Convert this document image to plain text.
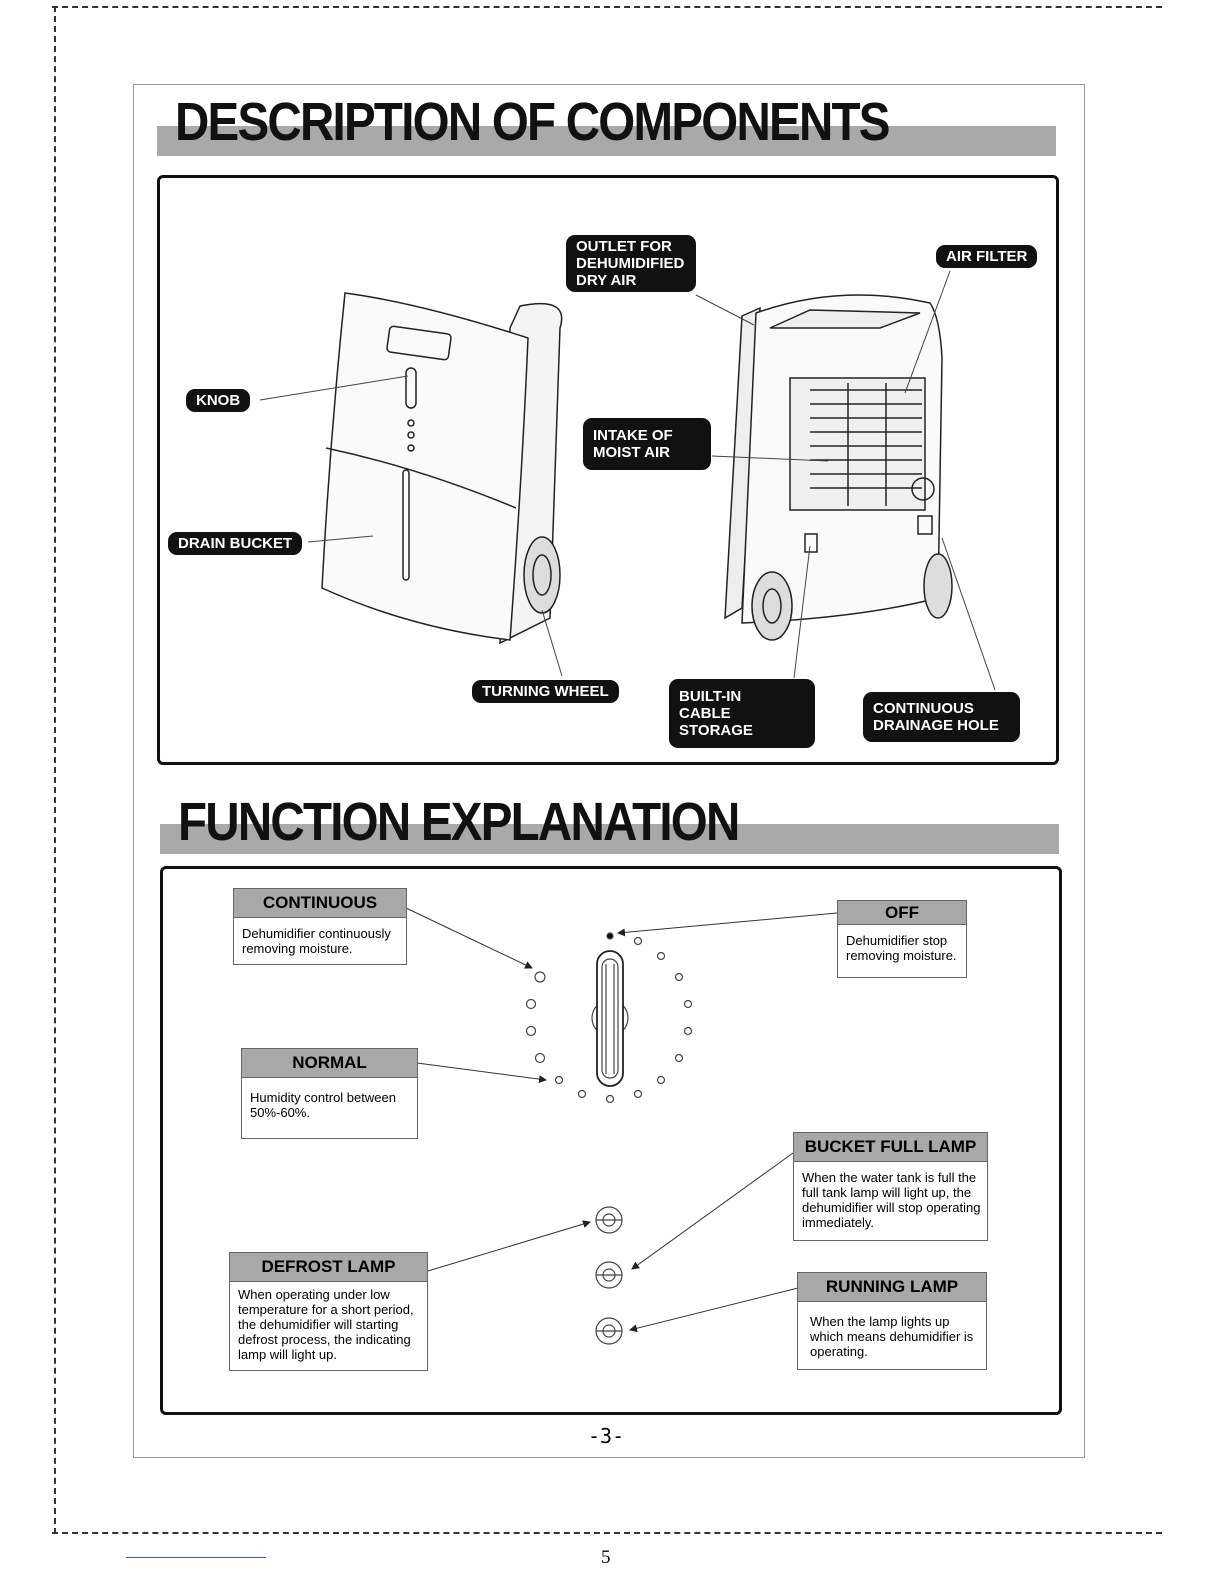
DESCRIPTION OF COMPONENTS
OUTLET FOR
DEHUMIDIFIED
DRY AIR
AIR FILTER
KNOB
INTAKE OF
MOIST AIR
DRAIN BUCKET
TURNING WHEEL	BUILT-IN
CABLE STORAGE
CONTINUOUS
DRAINAGE HOLE
FUNCTION EXPLANATION
CONTINUOUS
Dehumidifier continuously removing moisture.
OFF
Dehumidifier stop removing moisture.
NORMAL
Humidity control between 50%-60%.
BUCKET FULL LAMP
When the water tank is full the full tank lamp will light up, the dehumidifier will stop operating immediately.
DEFROST LAMP
When operating under low temperature for a short period, the dehumidifier will starting defrost process, the indicating lamp will light up.
RUNNING LAMP
When the lamp lights up which means dehumidifier is operating.
-3-
5
